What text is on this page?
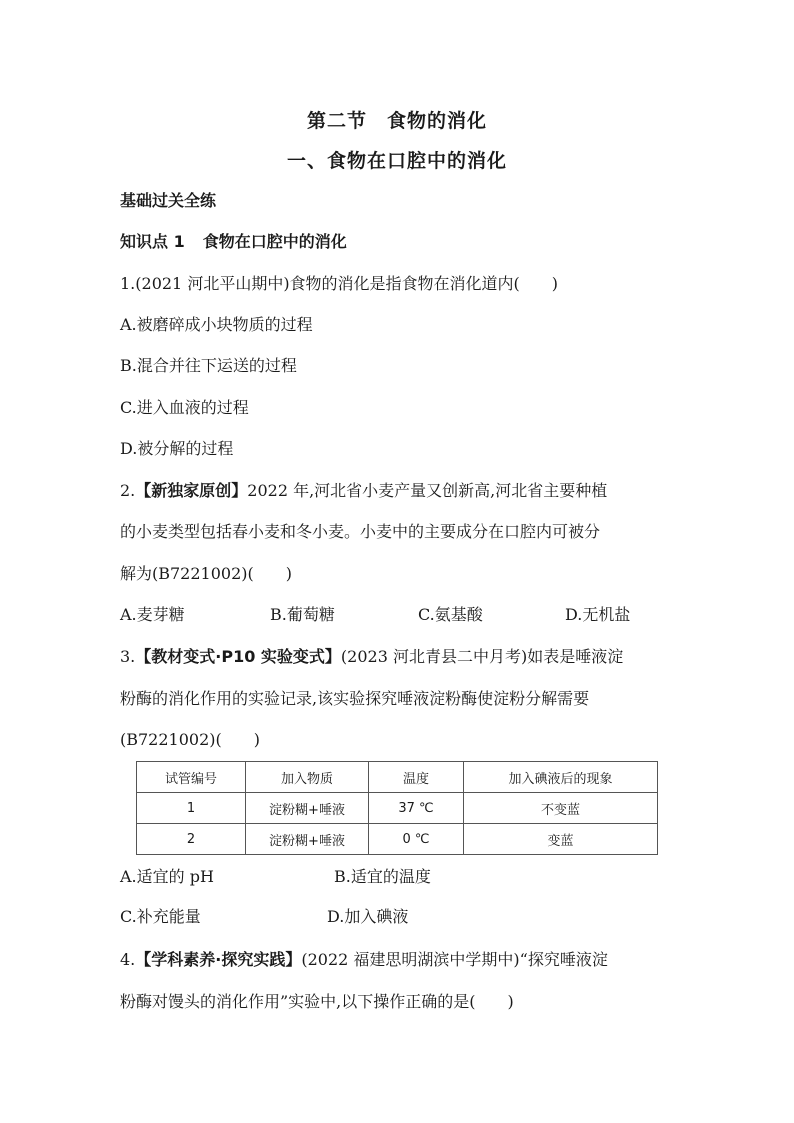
第二节 食物的消化
一、食物在口腔中的消化
基础过关全练
知识点 1 食物在口腔中的消化
1.(2021 河北平山期中)食物的消化是指食物在消化道内(　　)
A.被磨碎成小块物质的过程
B.混合并往下运送的过程
C.进入血液的过程
D.被分解的过程
2.【新独家原创】2022 年,河北省小麦产量又创新高,河北省主要种植
的小麦类型包括春小麦和冬小麦。小麦中的主要成分在口腔内可被分
解为(B7221002)(　　)
A.麦芽糖	B.葡萄糖	C.氨基酸	D.无机盐
3.【教材变式·P10 实验变式】(2023 河北青县二中月考)如表是唾液淀
粉酶的消化作用的实验记录,该实验探究唾液淀粉酶使淀粉分解需要
(B7221002)(　　)
试管编号	加入物质	温度	加入碘液后的现象
1	淀粉糊+唾液	37 ℃	不变蓝
2	淀粉糊+唾液	0 ℃	变蓝
A.适宜的 pH	B.适宜的温度
C.补充能量	D.加入碘液
4.【学科素养·探究实践】(2022 福建思明湖滨中学期中)“探究唾液淀
粉酶对馒头的消化作用”实验中,以下操作正确的是(　　)
